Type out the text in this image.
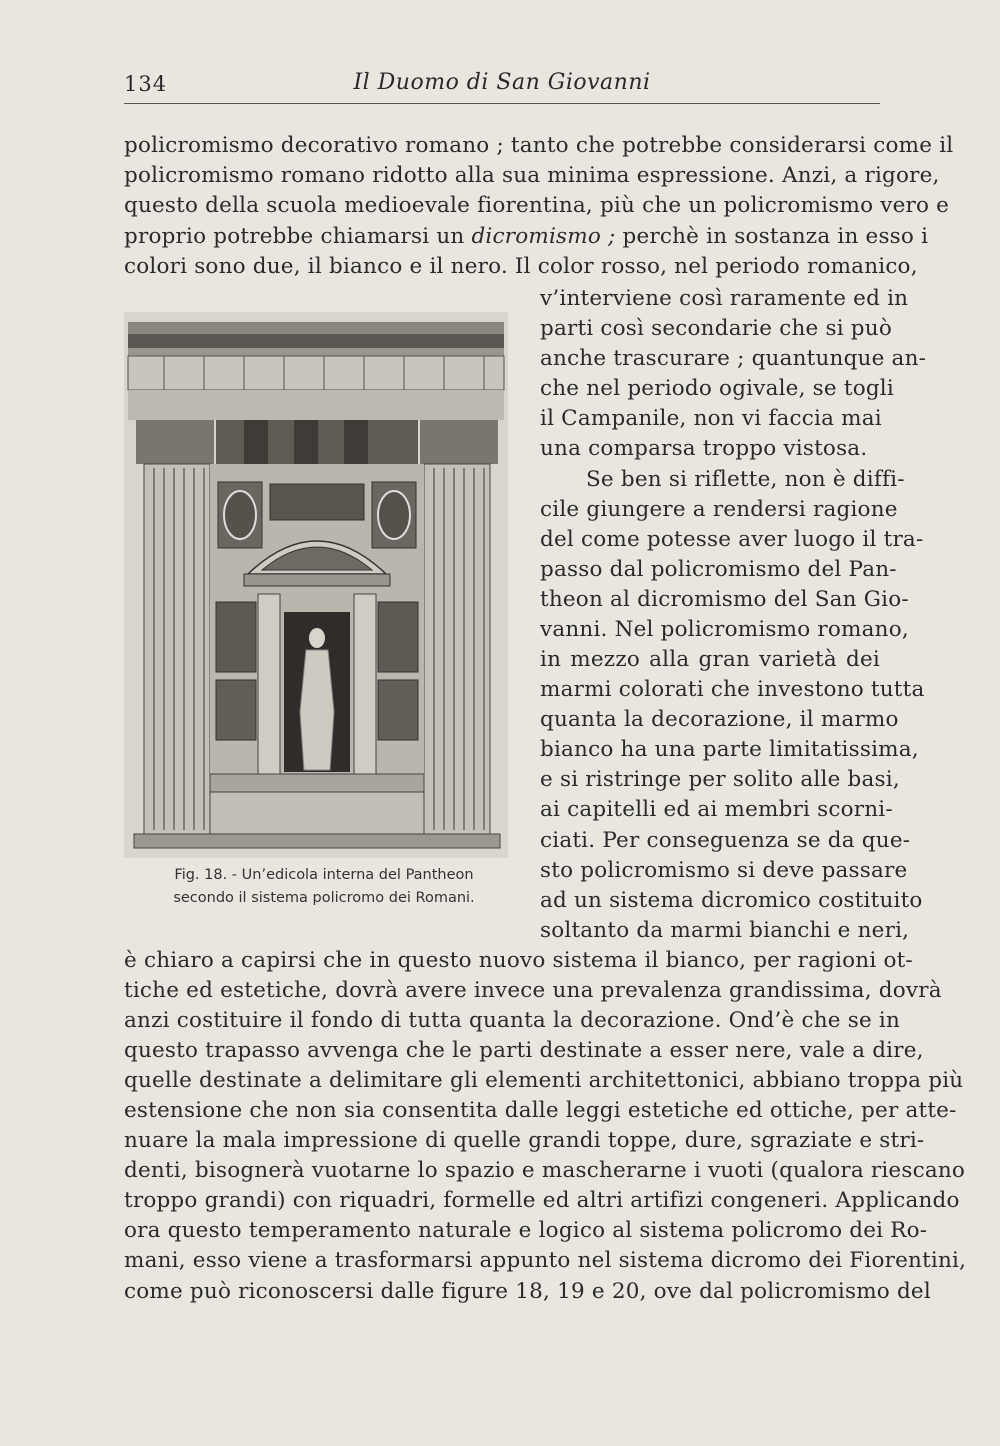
134	Il Duomo di San Giovanni
policromismo decorativo romano ; tanto che potrebbe considerarsi come il
policromismo romano ridotto alla sua minima espressione. Anzi, a rigore,
questo della scuola medioevale fiorentina, più che un policromismo vero e
proprio potrebbe chiamarsi un dicromismo ; perchè in sostanza in esso i
colori sono due, il bianco e il nero. Il color rosso, nel periodo romanico,
v’interviene così raramente ed in
parti così secondarie che si può
anche trascurare ; quantunque an-
che nel periodo ogivale, se togli
il Campanile, non vi faccia mai
una comparsa troppo vistosa.
Se ben si riflette, non è diffi-
cile giungere a rendersi ragione
del come potesse aver luogo il tra-
passo dal policromismo del Pan-
theon al dicromismo del San Gio-
vanni. Nel policromismo romano,
in mezzo alla gran varietà dei
marmi colorati che investono tutta
quanta la decorazione, il marmo
bianco ha una parte limitatissima,
e si ristringe per solito alle basi,
ai capitelli ed ai membri scorni-
ciati. Per conseguenza se da que-
sto policromismo si deve passare
ad un sistema dicromico costituito
soltanto da marmi bianchi e neri,
Fig. 18. - Un’edicola interna del Pantheon
secondo il sistema policromo dei Romani.
è chiaro a capirsi che in questo nuovo sistema il bianco, per ragioni ot-
tiche ed estetiche, dovrà avere invece una prevalenza grandissima, dovrà
anzi costituire il fondo di tutta quanta la decorazione. Ond’è che se in
questo trapasso avvenga che le parti destinate a esser nere, vale a dire,
quelle destinate a delimitare gli elementi architettonici, abbiano troppa più
estensione che non sia consentita dalle leggi estetiche ed ottiche, per atte-
nuare la mala impressione di quelle grandi toppe, dure, sgraziate e stri-
denti, bisognerà vuotarne lo spazio e mascherarne i vuoti (qualora riescano
troppo grandi) con riquadri, formelle ed altri artifizi congeneri. Applicando
ora questo temperamento naturale e logico al sistema policromo dei Ro-
mani, esso viene a trasformarsi appunto nel sistema dicromo dei Fiorentini,
come può riconoscersi dalle figure 18, 19 e 20, ove dal policromismo del
